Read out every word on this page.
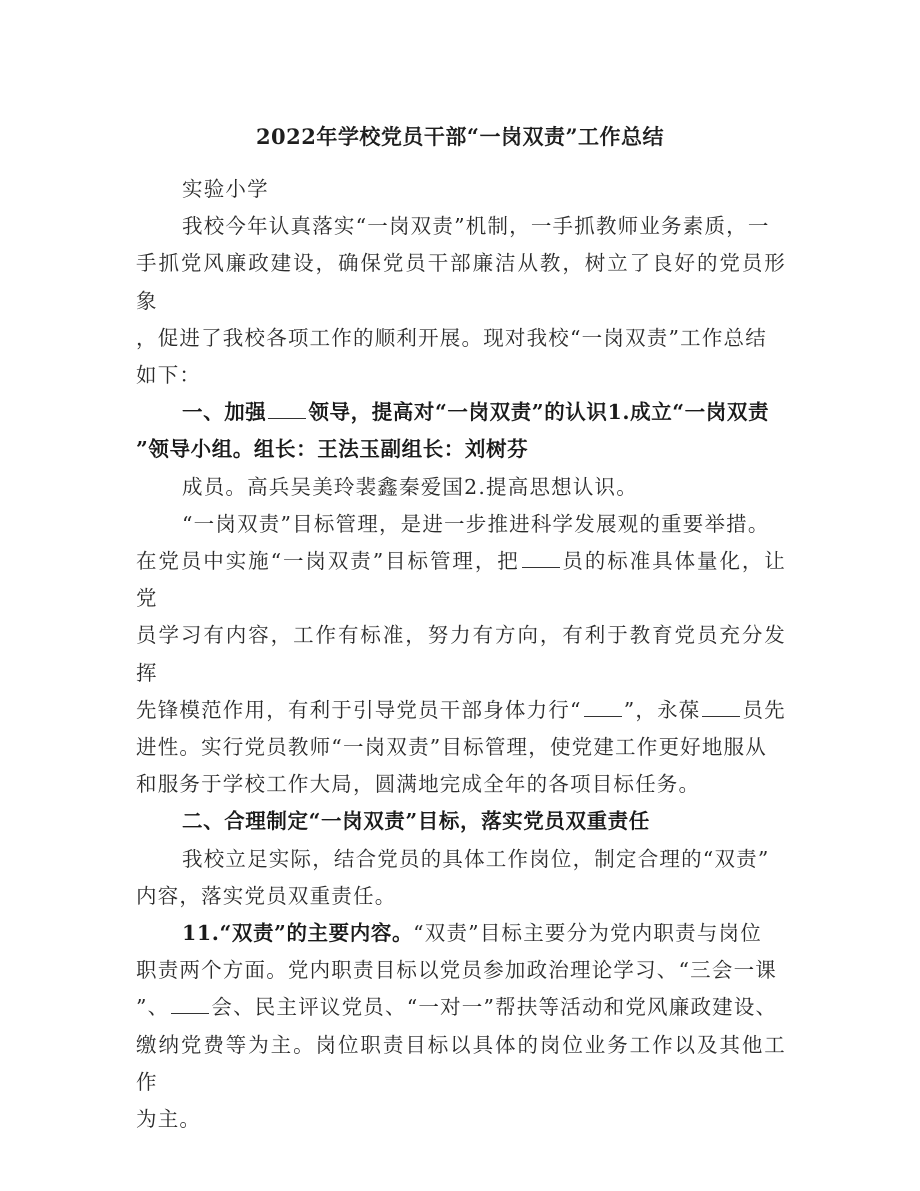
2022年学校党员干部“一岗双责”工作总结

实验小学

我校今年认真落实“一岗双责”机制，一手抓教师业务素质，一

手抓党风廉政建设，确保党员干部廉洁从教，树立了良好的党员形象

，促进了我校各项工作的顺利开展。现对我校“一岗双责”工作总结

如下：

一、加强 领导，提高对“一岗双责”的认识1.成立“一岗双责

”领导小组。组长：王法玉副组长：刘树芬

成员。高兵吴美玲裴鑫秦爱国2.提高思想认识。

“一岗双责”目标管理，是进一步推进科学发展观的重要举措。

在党员中实施“一岗双责”目标管理，把 员的标准具体量化，让党

员学习有内容，工作有标准，努力有方向，有利于教育党员充分发挥

先锋模范作用，有利于引导党员干部身体力行“ ”，永葆 员先

进性。实行党员教师“一岗双责”目标管理，使党建工作更好地服从

和服务于学校工作大局，圆满地完成全年的各项目标任务。

二、合理制定“一岗双责”目标，落实党员双重责任

我校立足实际，结合党员的具体工作岗位，制定合理的“双责”

内容，落实党员双重责任。

11.“双责”的主要内容。“双责”目标主要分为党内职责与岗位

职责两个方面。党内职责目标以党员参加政治理论学习、“三会一课

”、 会、民主评议党员、“一对一”帮扶等活动和党风廉政建设、

缴纳党费等为主。岗位职责目标以具体的岗位业务工作以及其他工作

为主。
